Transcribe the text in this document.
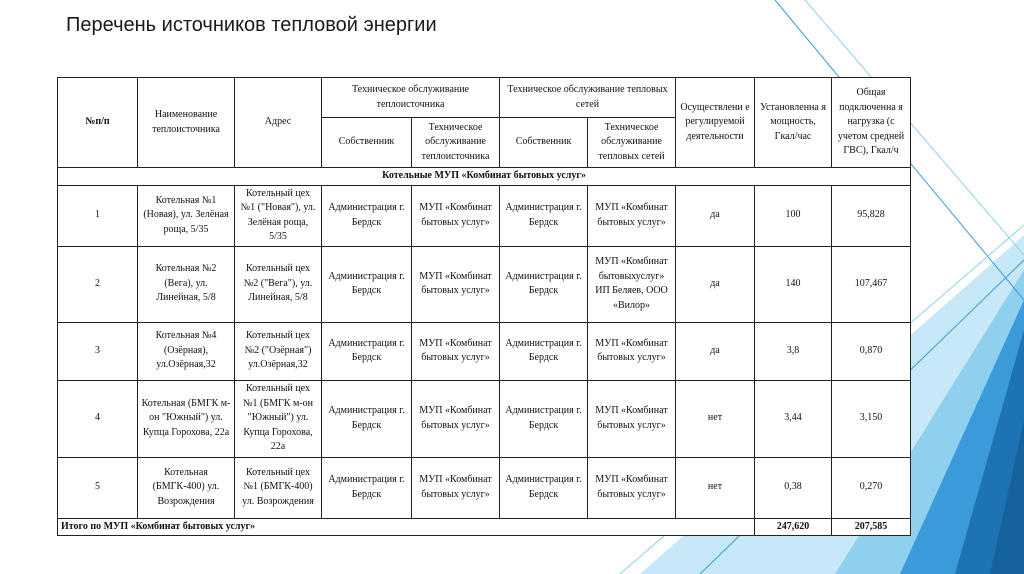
Перечень источников тепловой энергии
№п/п	Наименование теплоисточника	Адрес	Техническое обслуживание теплоисточника		Техническое обслуживание тепловых сетей		Осуществлени е регулируемой деятельности	Установленна я мощность, Гкал/час	Общая подключенна я нагрузка (с учетом средней ГВС), Гкал/ч
			Собственник	Техническое обслуживание теплоисточника	Собственник	Техническое обслуживание тепловых сетей			
Котельные МУП «Комбинат бытовых услуг»									
1	Котельная №1 (Новая), ул. Зелёная роща, 5/35	Котельный цех №1 ("Новая"), ул. Зелёная роща, 5/35	Администрация г. Бердск	МУП «Комбинат бытовых услуг»	Администрация г. Бердск	МУП «Комбинат бытовых услуг»	да	100	95,828
2	Котельная №2 (Вега), ул. Линейная, 5/8	Котельный цех №2 ("Вега"), ул. Линейная, 5/8	Администрация г. Бердск	МУП «Комбинат бытовых услуг»	Администрация г. Бердск	МУП «Комбинат бытовыхуслуг» ИП Беляев, ООО «Вилор»	да	140	107,467
3	Котельная №4 (Озёрная), ул.Озёрная,32	Котельный цех №2 ("Озёрная") ул.Озёрная,32	Администрация г. Бердск	МУП «Комбинат бытовых услуг»	Администрация г. Бердск	МУП «Комбинат бытовых услуг»	да	3,8	0,870
4	Котельная (БМГК м-он "Южный") ул. Купца Горохова, 22а	Котельный цех №1 (БМГК м-он "Южный") ул. Купца Горохова, 22а	Администрация г. Бердск	МУП «Комбинат бытовых услуг»	Администрация г. Бердск	МУП «Комбинат бытовых услуг»	нет	3,44	3,150
5	Котельная (БМГК-400) ул. Возрождения	Котельный цех №1 (БМГК-400) ул. Возрождения	Администрация г. Бердск	МУП «Комбинат бытовых услуг»	Администрация г. Бердск	МУП «Комбинат бытовых услуг»	нет	0,38	0,270
Итого по МУП «Комбинат бытовых услуг»								247,620	207,585
